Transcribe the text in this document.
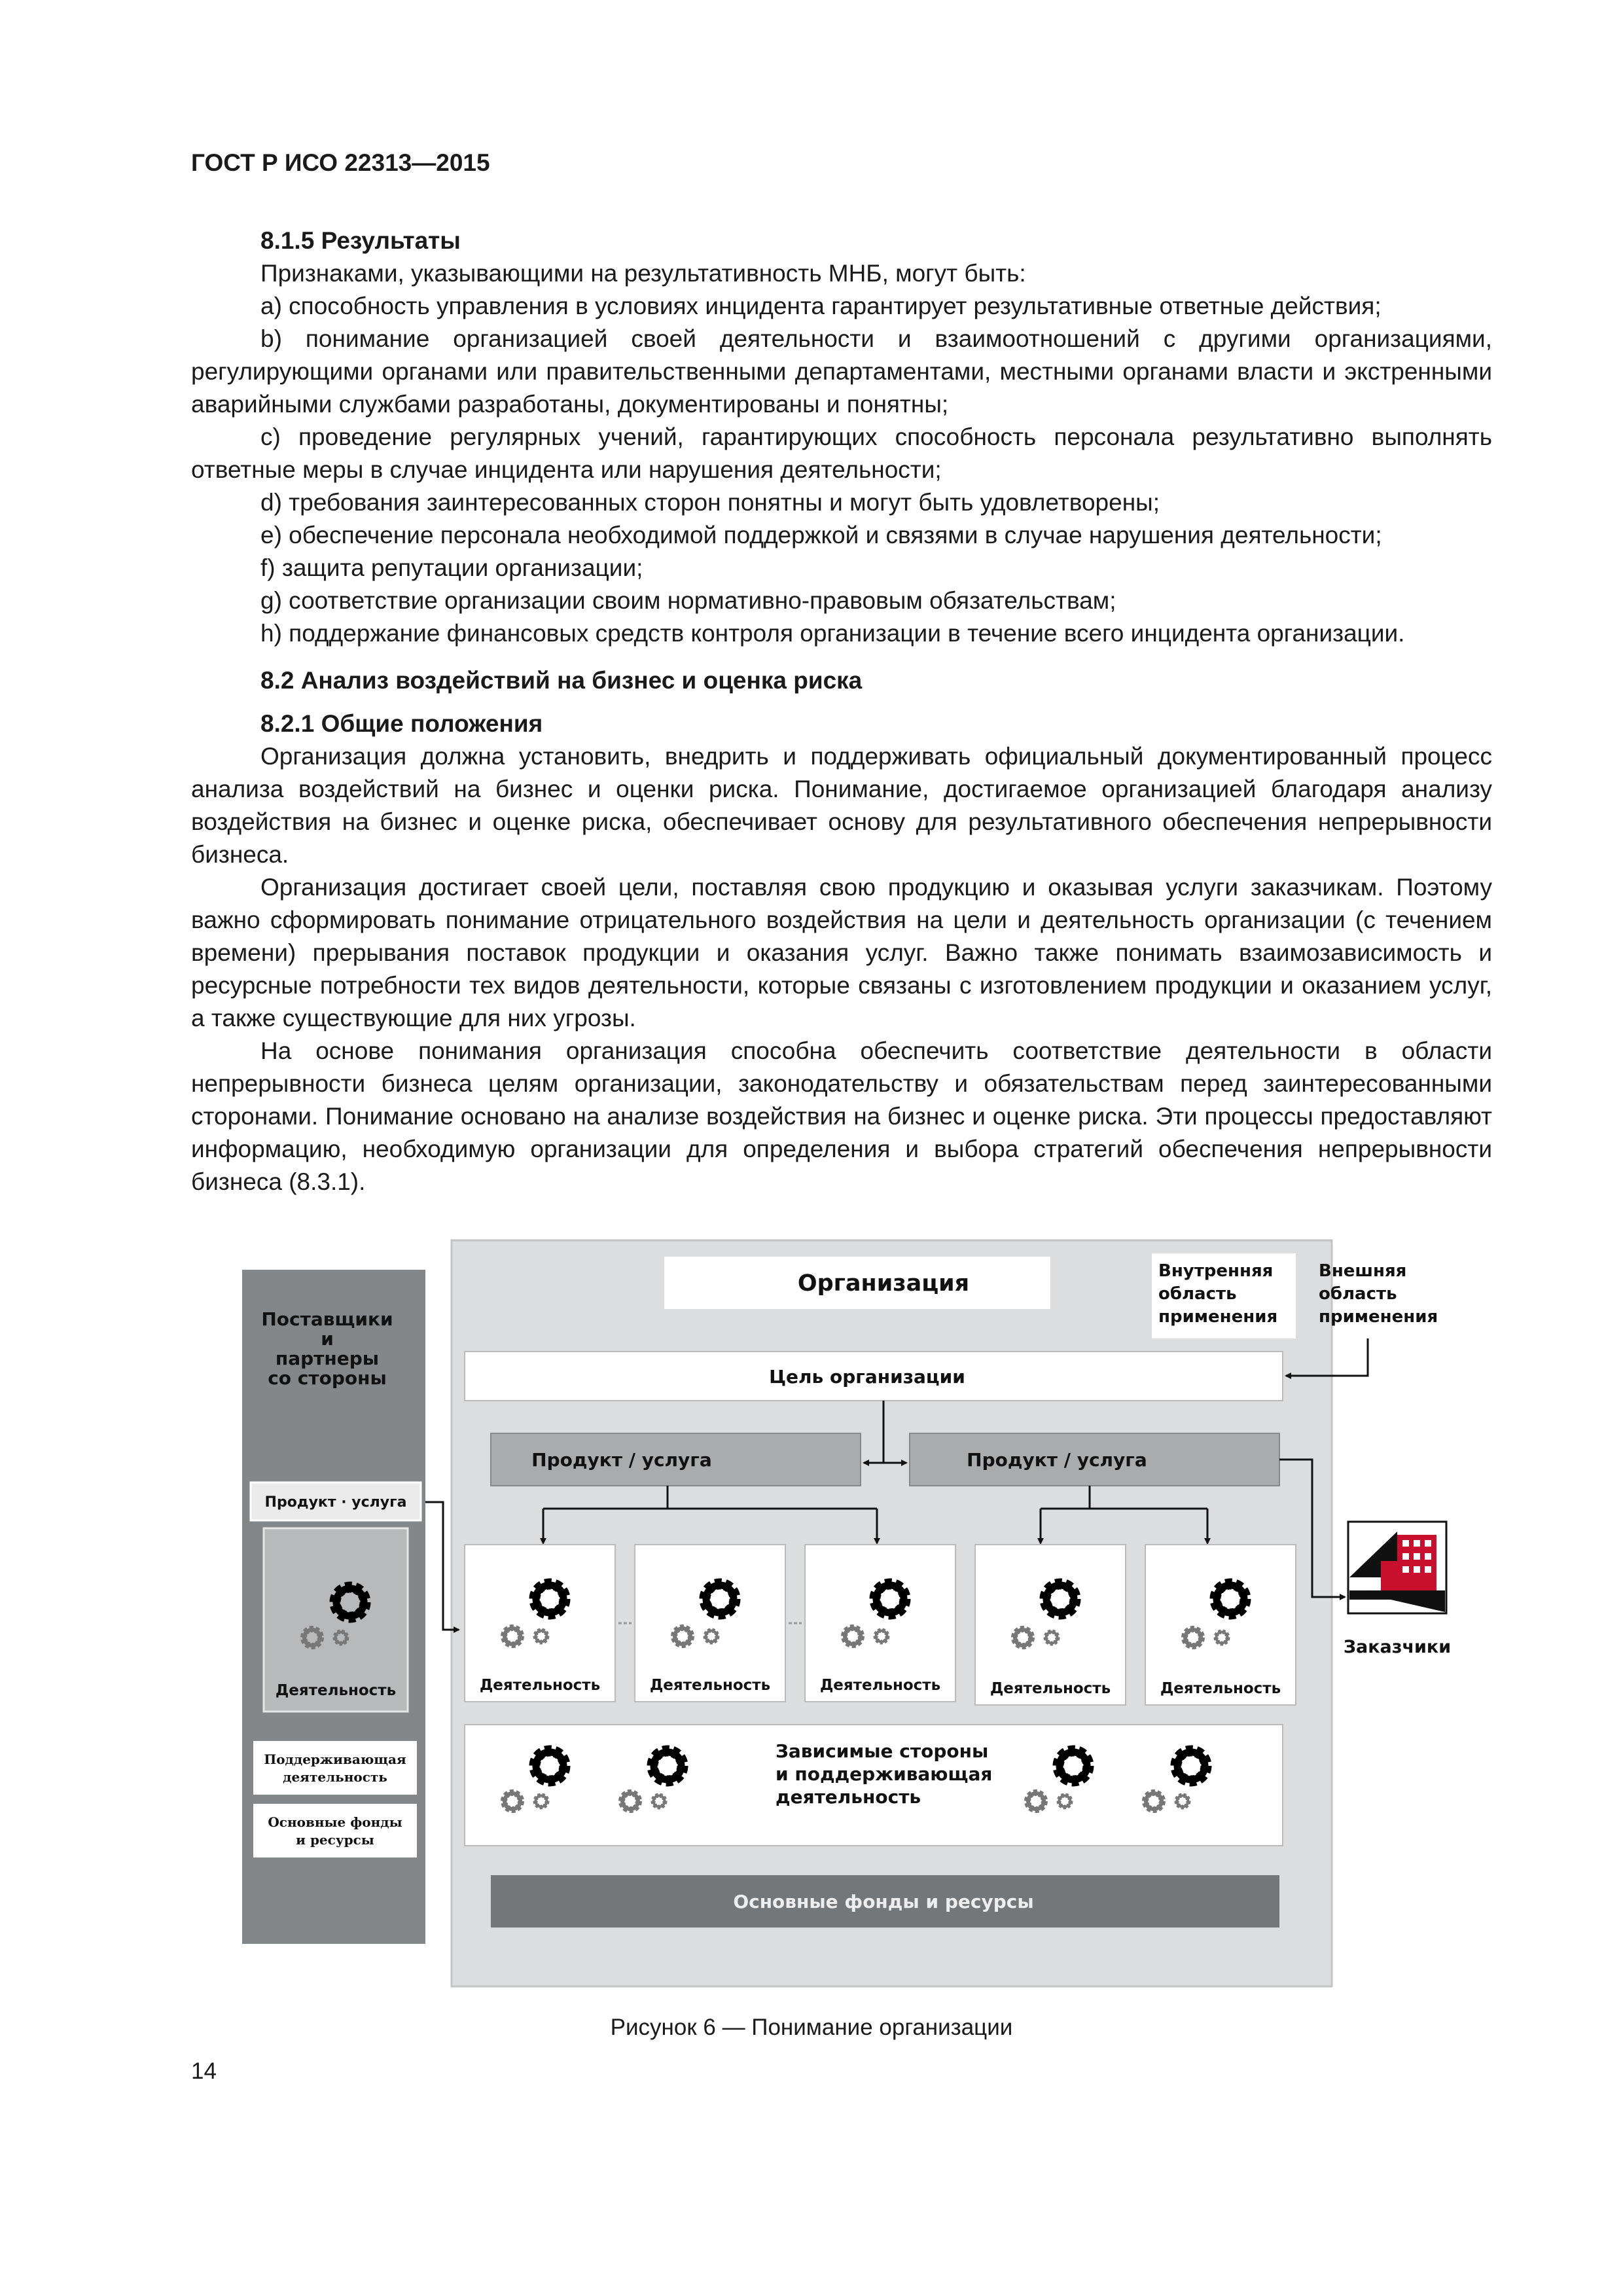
ГОСТ Р ИСО 22313—2015

8.1.5 Результаты

Признаками, указывающими на результативность МНБ, могут быть:

a) способность управления в условиях инцидента гарантирует результативные ответные действия;

b) понимание организацией своей деятельности и взаимоотношений с другими организациями, регулирующими органами или правительственными департаментами, местными органами власти и экстренными аварийными службами разработаны, документированы и понятны;

c) проведение регулярных учений, гарантирующих способность персонала результативно выполнять ответные меры в случае инцидента или нарушения деятельности;

d) требования заинтересованных сторон понятны и могут быть удовлетворены;

e) обеспечение персонала необходимой поддержкой и связями в случае нарушения деятельности;

f) защита репутации организации;

g) соответствие организации своим нормативно-правовым обязательствам;

h) поддержание финансовых средств контроля организации в течение всего инцидента организации.

8.2 Анализ воздействий на бизнес и оценка риска

8.2.1 Общие положения

Организация должна установить, внедрить и поддерживать официальный документированный процесс анализа воздействий на бизнес и оценки риска. Понимание, достигаемое организацией благодаря анализу воздействия на бизнес и оценке риска, обеспечивает основу для результативного обеспечения непрерывности бизнеса.

Организация достигает своей цели, поставляя свою продукцию и оказывая услуги заказчикам. Поэтому важно сформировать понимание отрицательного воздействия на цели и деятельность организации (с течением времени) прерывания поставок продукции и оказания услуг. Важно также понимать взаимозависимость и ресурсные потребности тех видов деятельности, которые связаны с изготовлением продукции и оказанием услуг, а также существующие для них угрозы.

На основе понимания организация способна обеспечить соответствие деятельности в области непрерывности бизнеса целям организации, законодательству и обязательствам перед заинтересованными сторонами. Понимание основано на анализе воздействия на бизнес и оценке риска. Эти процессы предоставляют информацию, необходимую организации для определения и выбора стратегий обеспечения непрерывности бизнеса (8.3.1).

Поставщики
и
партнеры
со стороны
Продукт · услуга
Деятельность
Поддерживающая
деятельность
Основные фонды
и ресурсы
Организация	Внутренняя
область
применения
Внешняя
область
применения
Цель организации
Продукт / услуга	Продукт / услуга
Деятельность	Деятельность	Деятельность	Деятельность	Деятельность
Заказчики
Зависимые стороны
и поддерживающая
деятельность
Основные фонды и ресурсы
Рисунок 6 — Понимание организации
14
